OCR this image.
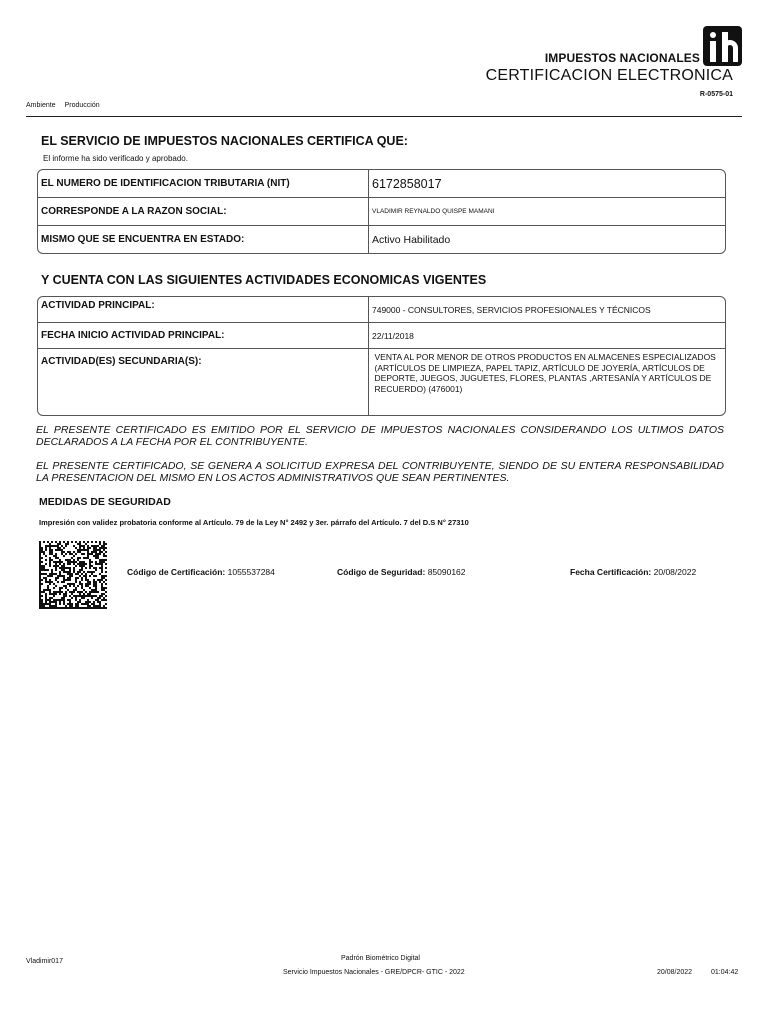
IMPUESTOS NACIONALES
CERTIFICACION ELECTRONICA
R-0575-01
Ambiente Producción
EL SERVICIO DE IMPUESTOS NACIONALES CERTIFICA QUE:
El informe ha sido verificado y aprobado.
EL NUMERO DE IDENTIFICACION TRIBUTARIA (NIT)	6172858017
CORRESPONDE A LA RAZON SOCIAL:	VLADIMIR REYNALDO QUISPE MAMANI
MISMO QUE SE ENCUENTRA EN ESTADO:	Activo Habilitado
Y CUENTA CON LAS SIGUIENTES ACTIVIDADES ECONOMICAS VIGENTES
ACTIVIDAD PRINCIPAL:	749000 - CONSULTORES, SERVICIOS PROFESIONALES Y TÉCNICOS
FECHA INICIO ACTIVIDAD PRINCIPAL:	22/11/2018
ACTIVIDAD(ES) SECUNDARIA(S):	VENTA AL POR MENOR DE OTROS PRODUCTOS EN ALMACENES ESPECIALIZADOS (ARTÍCULOS DE LIMPIEZA, PAPEL TAPIZ, ARTÍCULO DE JOYERÍA, ARTÍCULOS DE DEPORTE, JUEGOS, JUGUETES, FLORES, PLANTAS ,ARTESANÍA Y ARTÍCULOS DE RECUERDO) (476001)
EL PRESENTE CERTIFICADO ES EMITIDO POR EL SERVICIO DE IMPUESTOS NACIONALES CONSIDERANDO LOS ULTIMOS DATOS DECLARADOS A LA FECHA POR EL CONTRIBUYENTE.
EL PRESENTE CERTIFICADO, SE GENERA A SOLICITUD EXPRESA DEL CONTRIBUYENTE, SIENDO DE SU ENTERA RESPONSABILIDAD LA PRESENTACION DEL MISMO EN LOS ACTOS ADMINISTRATIVOS QUE SEAN PERTINENTES.
MEDIDAS DE SEGURIDAD
Impresión con validez probatoria conforme al Artículo. 79 de la Ley N° 2492 y 3er. párrafo del Artículo. 7 del D.S N° 27310
Código de Certificación: 1055537284	Código de Seguridad: 85090162	Fecha Certificación: 20/08/2022
Vladimir017	Padrón Biométrico Digital
Servicio Impuestos Nacionales - GRE/DPCR- GTIC - 2022	20/08/2022	01:04:42
